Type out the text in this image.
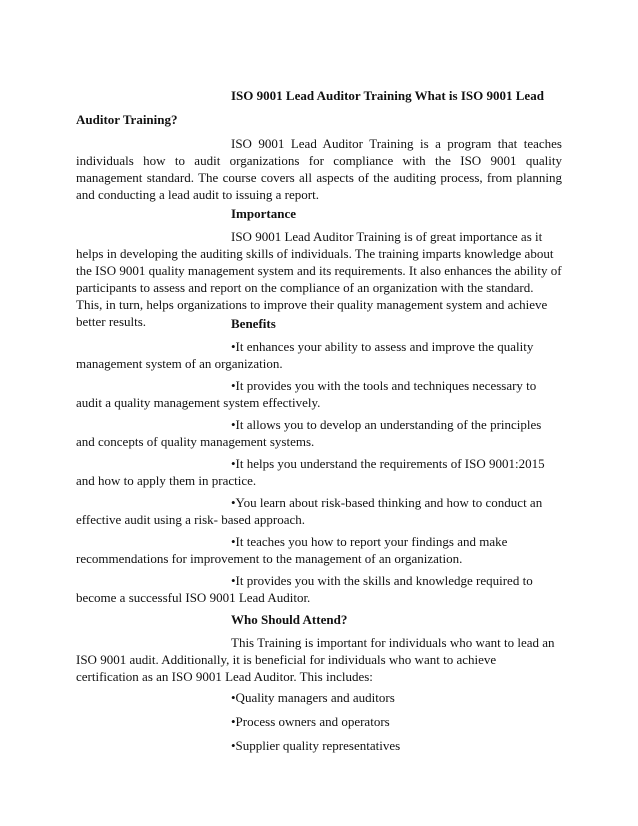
ISO 9001 Lead Auditor Training What is ISO 9001 Lead

Auditor Training?

ISO 9001 Lead Auditor Training is a program that teaches individuals how to audit organizations for compliance with the ISO 9001 quality management standard. The course covers all aspects of the auditing process, from planning and conducting a lead audit to issuing a report.

Importance

ISO 9001 Lead Auditor Training is of great importance as it helps in developing the auditing skills of individuals. The training imparts knowledge about the ISO 9001 quality management system and its requirements. It also enhances the ability of participants to assess and report on the compliance of an organization with the standard. This, in turn, helps organizations to improve their quality management system and achieve better results.	Benefits

•It enhances your ability to assess and improve the quality management system of an organization.

•It provides you with the tools and techniques necessary to audit a quality management system effectively.

•It allows you to develop an understanding of the principles and concepts of quality management systems.

•It helps you understand the requirements of ISO 9001:2015 and how to apply them in practice.

•You learn about risk-based thinking and how to conduct an effective audit using a risk- based approach.

•It teaches you how to report your findings and make recommendations for improvement to the management of an organization.

•It provides you with the skills and knowledge required to become a successful ISO 9001 Lead Auditor.

Who Should Attend?

This Training is important for individuals who want to lead an ISO 9001 audit. Additionally, it is beneficial for individuals who want to achieve certification as an ISO 9001 Lead Auditor. This includes:

•Quality managers and auditors

•Process owners and operators

•Supplier quality representatives
